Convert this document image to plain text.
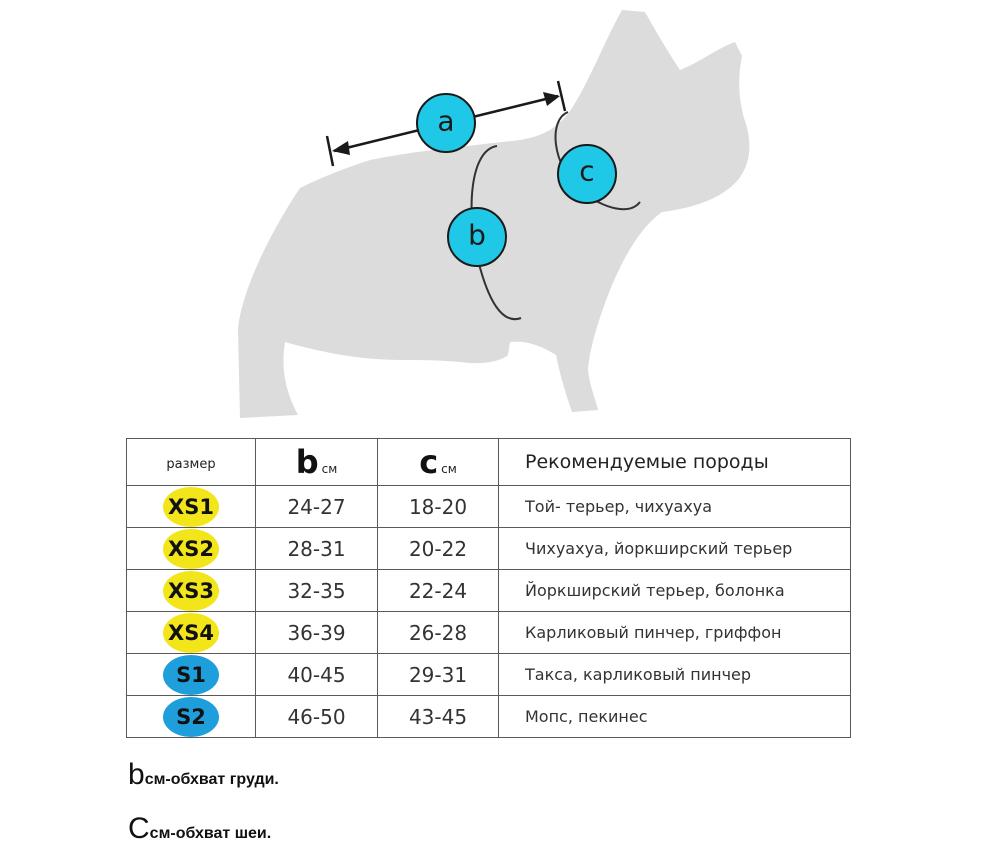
a
c
b
размер	b см	c см	Рекомендуемые породы
XS1	24-27	18-20	Той- терьер, чихуахуа
XS2	28-31	20-22	Чихуахуа, йоркширский терьер
XS3	32-35	22-24	Йоркширский терьер, болонка
XS4	36-39	26-28	Карликовый пинчер, гриффон
S1	40-45	29-31	Такса, карликовый пинчер
S2	46-50	43-45	Мопс, пекинес
bсм-обхват груди.
Cсм-обхват шеи.
